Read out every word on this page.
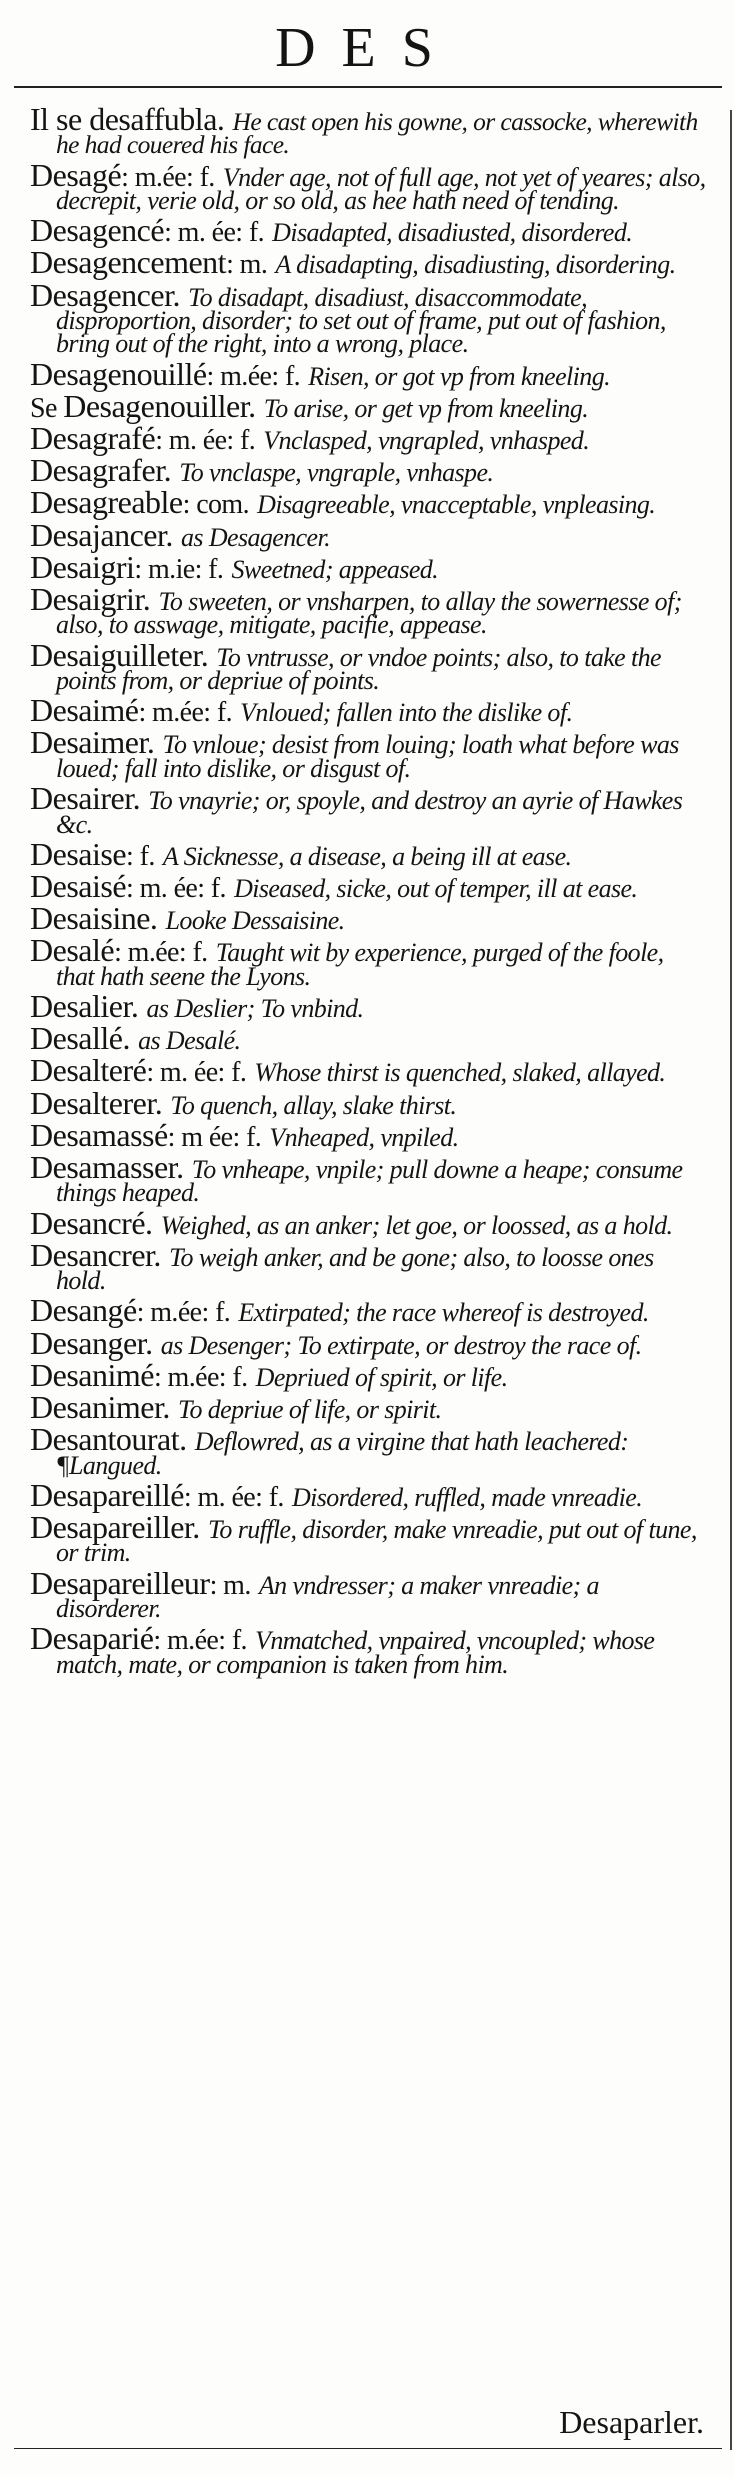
DES
Il se desaffubla. He cast open his gowne, or cassocke, wherewith he had couered his face.
Desagé: m.ée: f. Vnder age, not of full age, not yet of yeares; also, decrepit, verie old, or so old, as hee hath need of tending.
Desagencé: m. ée: f. Disadapted, disadiusted, disordered.
Desagencement: m. A disadapting, disadiusting, disordering.
Desagencer. To disadapt, disadiust, disaccommodate, disproportion, disorder; to set out of frame, put out of fashion, bring out of the right, into a wrong, place.
Desagenouillé: m.ée: f. Risen, or got vp from kneeling.
Se Desagenouiller. To arise, or get vp from kneeling.
Desagrafé: m. ée: f. Vnclasped, vngrapled, vnhasped.
Desagrafer. To vnclaspe, vngraple, vnhaspe.
Desagreable: com. Disagreeable, vnacceptable, vnpleasing.
Desajancer. as Desagencer.
Desaigri: m.ie: f. Sweetned; appeased.
Desaigrir. To sweeten, or vnsharpen, to allay the sowernesse of; also, to asswage, mitigate, pacifie, appease.
Desaiguilleter. To vntrusse, or vndoe points; also, to take the points from, or depriue of points.
Desaimé: m.ée: f. Vnloued; fallen into the dislike of.
Desaimer. To vnloue; desist from louing; loath what before was loued; fall into dislike, or disgust of.
Desairer. To vnayrie; or, spoyle, and destroy an ayrie of Hawkes &c.
Desaise: f. A Sicknesse, a disease, a being ill at ease.
Desaisé: m. ée: f. Diseased, sicke, out of temper, ill at ease.
Desaisine. Looke Dessaisine.
Desalé: m.ée: f. Taught wit by experience, purged of the foole, that hath seene the Lyons.
Desalier. as Deslier; To vnbind.
Desallé. as Desalé.
Desalteré: m. ée: f. Whose thirst is quenched, slaked, allayed.
Desalterer. To quench, allay, slake thirst.
Desamassé: m ée: f. Vnheaped, vnpiled.
Desamasser. To vnheape, vnpile; pull downe a heape; consume things heaped.
Desancré. Weighed, as an anker; let goe, or loossed, as a hold.
Desancrer. To weigh anker, and be gone; also, to loosse ones hold.
Desangé: m.ée: f. Extirpated; the race whereof is destroyed.
Desanger. as Desenger; To extirpate, or destroy the race of.
Desanimé: m.ée: f. Depriued of spirit, or life.
Desanimer. To depriue of life, or spirit.
Desantourat. Deflowred, as a virgine that hath leachered: ¶Langued.
Desapareillé: m. ée: f. Disordered, ruffled, made vnreadie.
Desapareiller. To ruffle, disorder, make vnreadie, put out of tune, or trim.
Desapareilleur: m. An vndresser; a maker vnreadie; a disorderer.
Desaparié: m.ée: f. Vnmatched, vnpaired, vncoupled; whose match, mate, or companion is taken from him.
Desaparler.
